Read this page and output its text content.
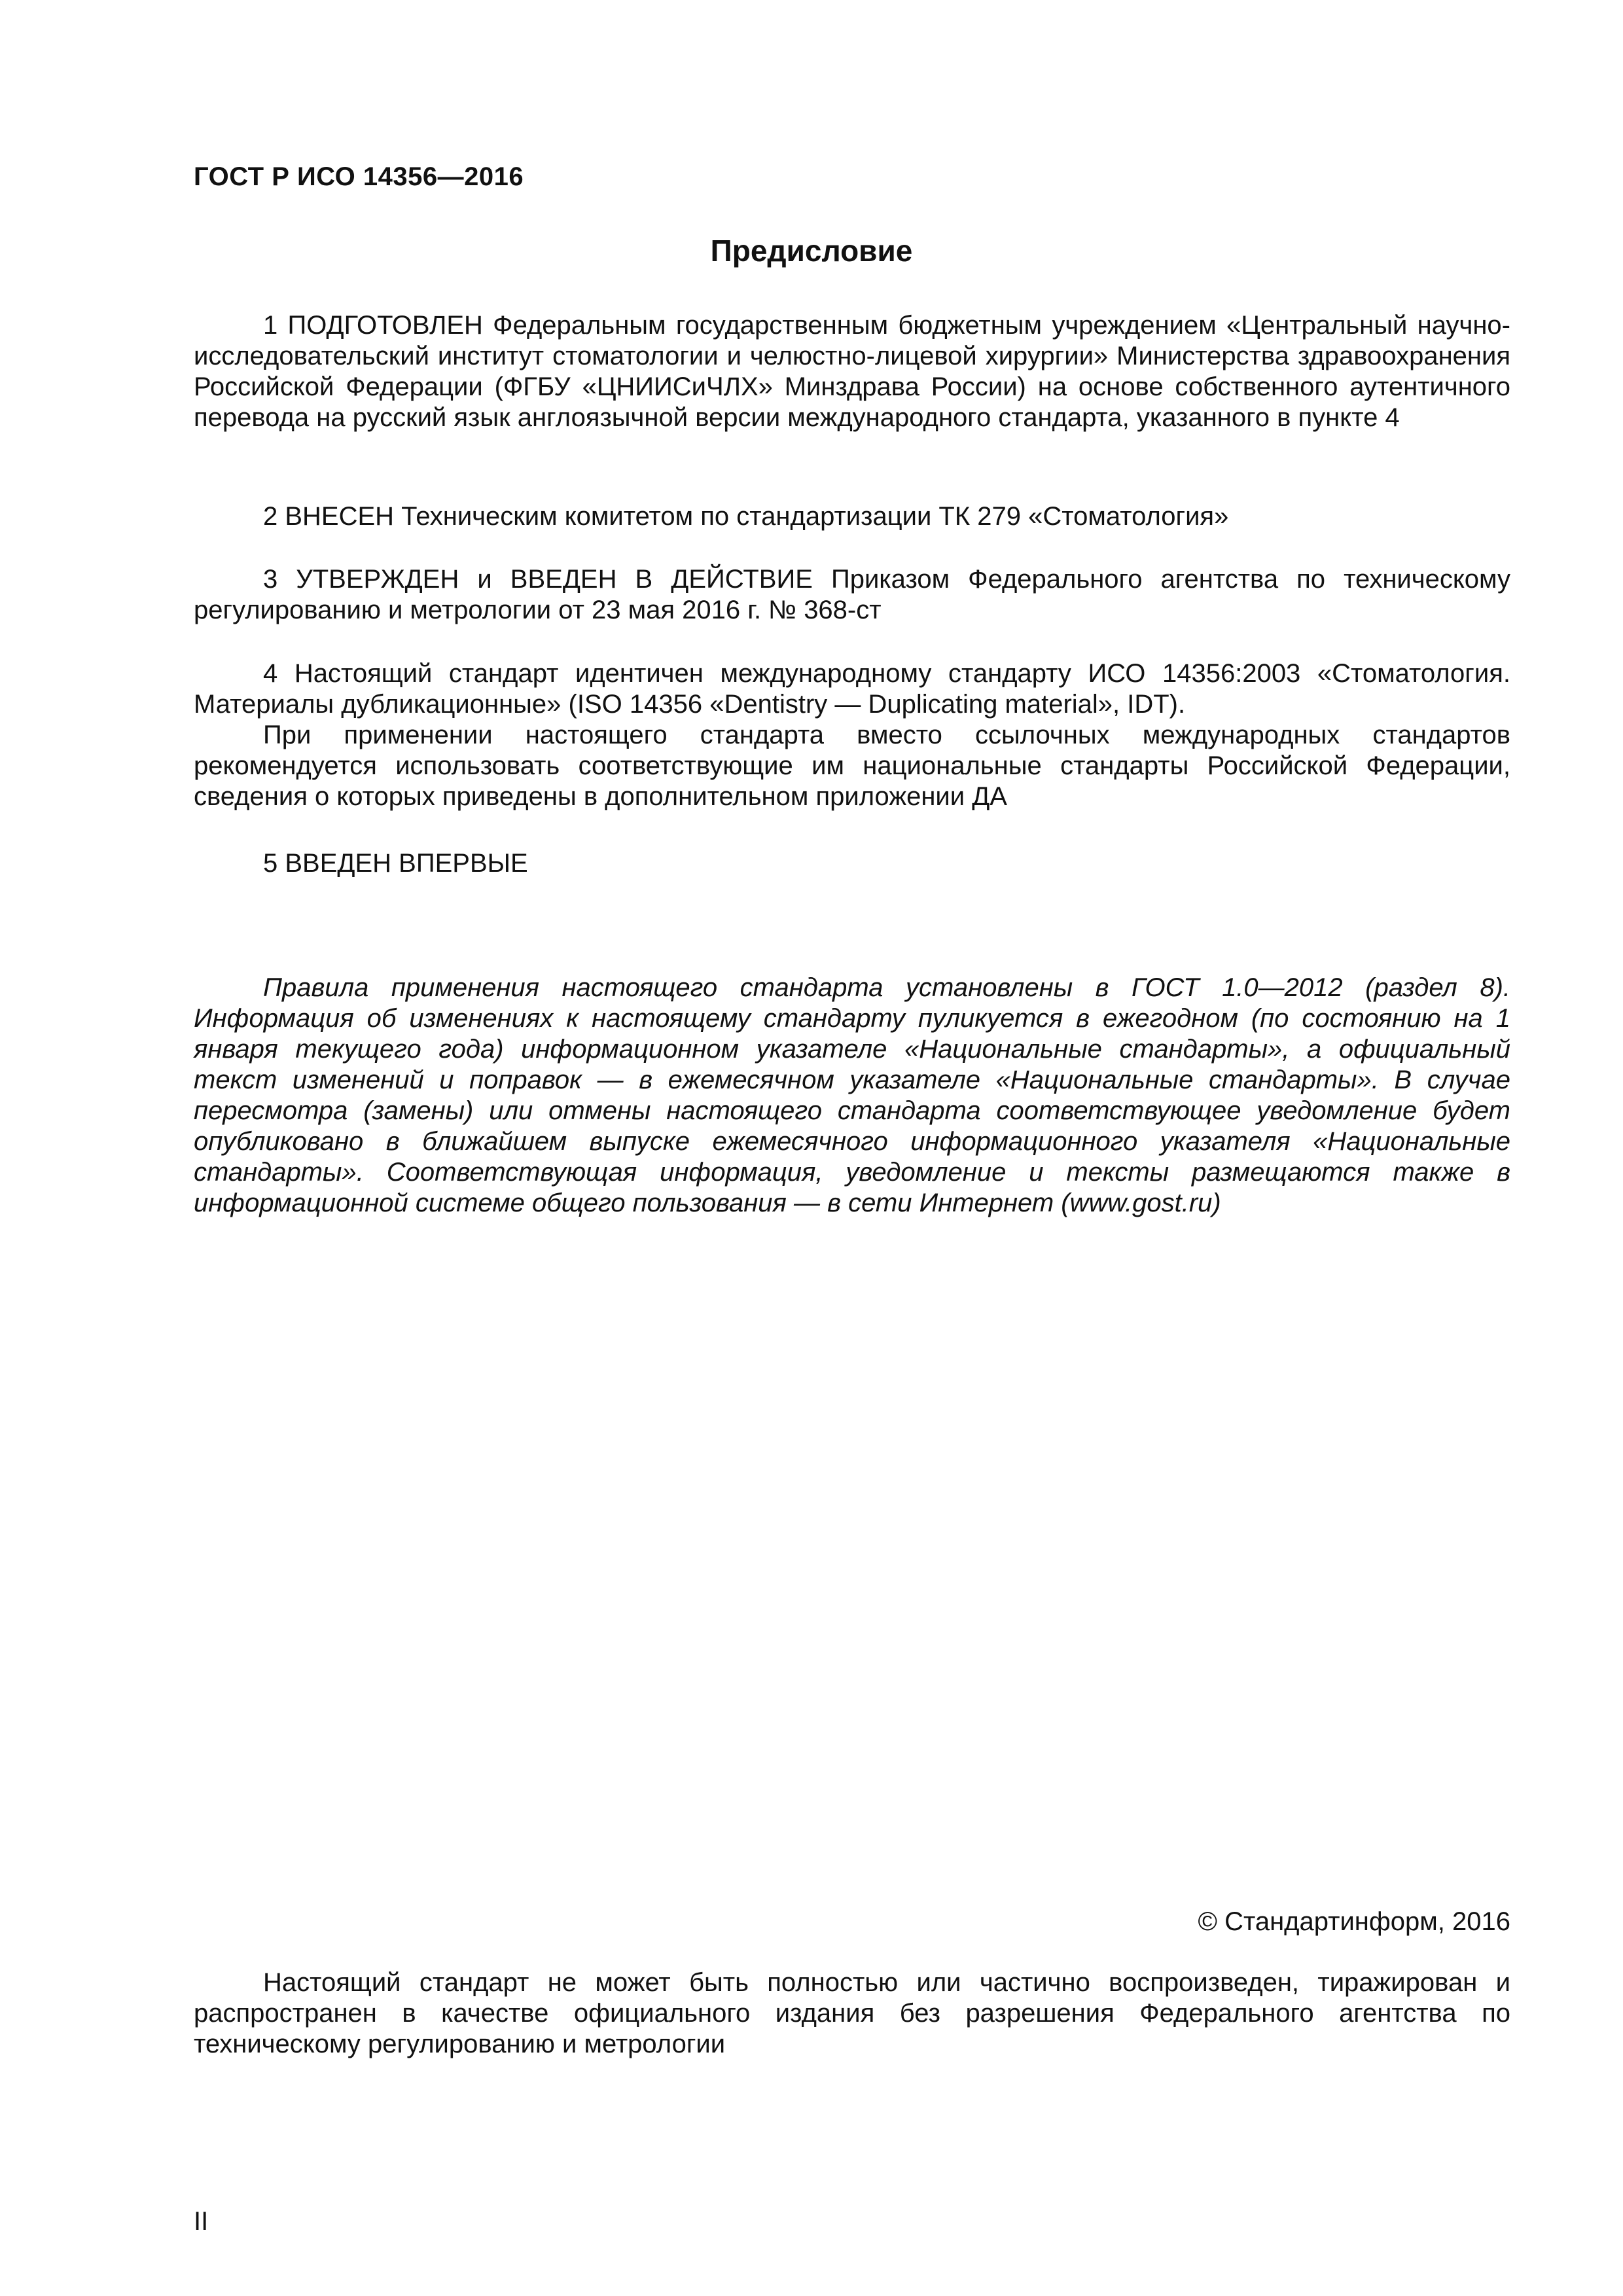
ГОСТ Р ИСО 14356—2016
Предисловие

1 ПОДГОТОВЛЕН Федеральным государственным бюджетным учреждением «Центральный научно-исследовательский институт стоматологии и челюстно-лицевой хирургии» Министерства здравоохранения Российской Федерации (ФГБУ «ЦНИИСиЧЛХ» Минздрава России) на основе собственного аутентичного перевода на русский язык англоязычной версии международного стандарта, указанного в пункте 4

2 ВНЕСЕН Техническим комитетом по стандартизации ТК 279 «Стоматология»

3 УТВЕРЖДЕН и ВВЕДЕН В ДЕЙСТВИЕ Приказом Федерального агентства по техническому регулированию и метрологии от 23 мая 2016 г. № 368-ст

4 Настоящий стандарт идентичен международному стандарту ИСО 14356:2003 «Стоматология. Материалы дубликационные» (ISO 14356 «Dentistry — Duplicating material», IDT).

При применении настоящего стандарта вместо ссылочных международных стандартов рекомендуется использовать соответствующие им национальные стандарты Российской Федерации, сведения о которых приведены в дополнительном приложении ДА

5 ВВЕДЕН ВПЕРВЫЕ

Правила применения настоящего стандарта установлены в ГОСТ 1.0—2012 (раздел 8). Информация об изменениях к настоящему стандарту пуликуется в ежегодном (по состоянию на 1 января текущего года) информационном указателе «Национальные стандарты», а официальный текст изменений и поправок — в ежемесячном указателе «Национальные стандарты». В случае пересмотра (замены) или отмены настоящего стандарта соответствующее уведомление будет опубликовано в ближайшем выпуске ежемесячного информационного указателя «Национальные стандарты». Соответствующая информация, уведомление и тексты размещаются также в информационной системе общего пользования — в сети Интернет (www.gost.ru)

© Стандартинформ, 2016

Настоящий стандарт не может быть полностью или частично воспроизведен, тиражирован и распространен в качестве официального издания без разрешения Федерального агентства по техническому регулированию и метрологии

II
